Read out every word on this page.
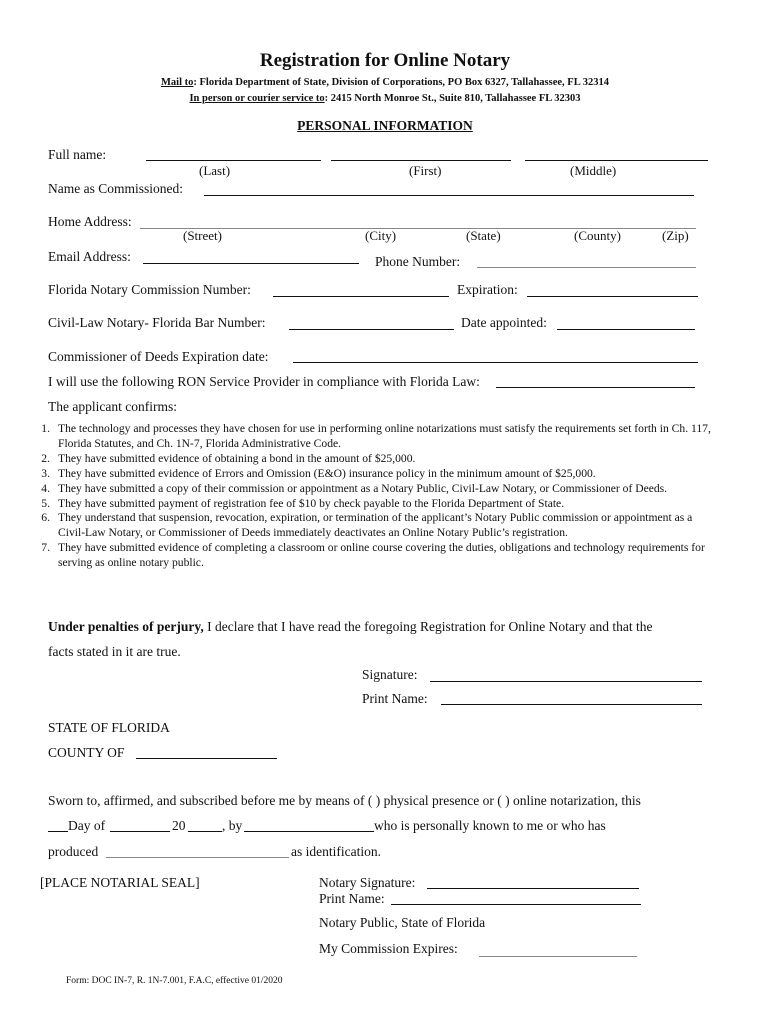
Registration for Online Notary
Mail to: Florida Department of State, Division of Corporations, PO Box 6327, Tallahassee, FL 32314
In person or courier service to: 2415 North Monroe St., Suite 810, Tallahassee FL 32303
PERSONAL INFORMATION
Full name:
(Last)	(First)	(Middle)
Name as Commissioned:
Home Address:
(Street)	(City)	(State)	(County)	(Zip)
Email Address:	Phone Number:
Florida Notary Commission Number:	Expiration:
Civil-Law Notary- Florida Bar Number:	Date appointed:
Commissioner of Deeds Expiration date:
I will use the following RON Service Provider in compliance with Florida Law:
The applicant confirms:
1. The technology and processes they have chosen for use in performing online notarizations must satisfy the requirements set forth in Ch. 117, Florida Statutes, and Ch. 1N-7, Florida Administrative Code.
2. They have submitted evidence of obtaining a bond in the amount of $25,000.
3. They have submitted evidence of Errors and Omission (E&O) insurance policy in the minimum amount of $25,000.
4. They have submitted a copy of their commission or appointment as a Notary Public, Civil-Law Notary, or Commissioner of Deeds.
5. They have submitted payment of registration fee of $10 by check payable to the Florida Department of State.
6. They understand that suspension, revocation, expiration, or termination of the applicant’s Notary Public commission or appointment as a Civil-Law Notary, or Commissioner of Deeds immediately deactivates an Online Notary Public’s registration.
7. They have submitted evidence of completing a classroom or online course covering the duties, obligations and technology requirements for serving as online notary public.
Under penalties of perjury, I declare that I have read the foregoing Registration for Online Notary and that the
facts stated in it are true.
Signature:
Print Name:
STATE OF FLORIDA
COUNTY OF
Sworn to, affirmed, and subscribed before me by means of ( ) physical presence or ( ) online notarization, this
Day of	20	, by	who is personally known to me or who has
produced	as identification.
[PLACE NOTARIAL SEAL]	Notary Signature:
Print Name:
Notary Public, State of Florida
My Commission Expires:
Form: DOC IN-7, R. 1N-7.001, F.A.C, effective 01/2020
